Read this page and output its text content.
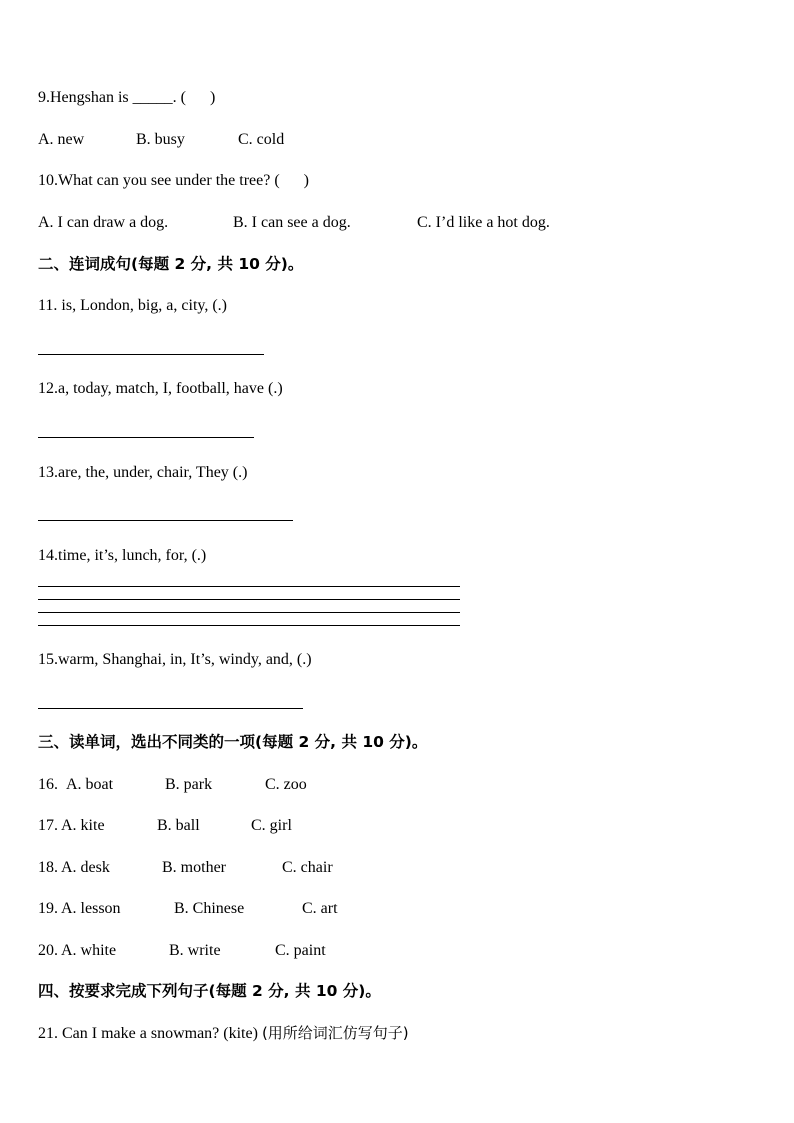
9.Hengshan is _____. (      )
A. new	B. busy	C. cold
10.What can you see under the tree? (      )
A. I can draw a dog.	B. I can see a dog.	C. I’d like a hot dog.
二、连词成句(每题 2 分, 共 10 分)。
11. is, London, big, a, city, (.)
12.a, today, match, I, football, have (.)
13.are, the, under, chair, They (.)
14.time, it’s, lunch, for, (.)
15.warm, Shanghai, in, It’s, windy, and, (.)
三、读单词，选出不同类的一项(每题 2 分, 共 10 分)。
16. A. boat	B. park	C. zoo
17. A. kite	B. ball	C. girl
18. A. desk	B. mother	C. chair
19. A. lesson	B. Chinese	C. art
20. A. white	B. write	C. paint
四、按要求完成下列句子(每题 2 分, 共 10 分)。
21. Can I make a snowman? (kite) (用所给词汇仿写句子)
